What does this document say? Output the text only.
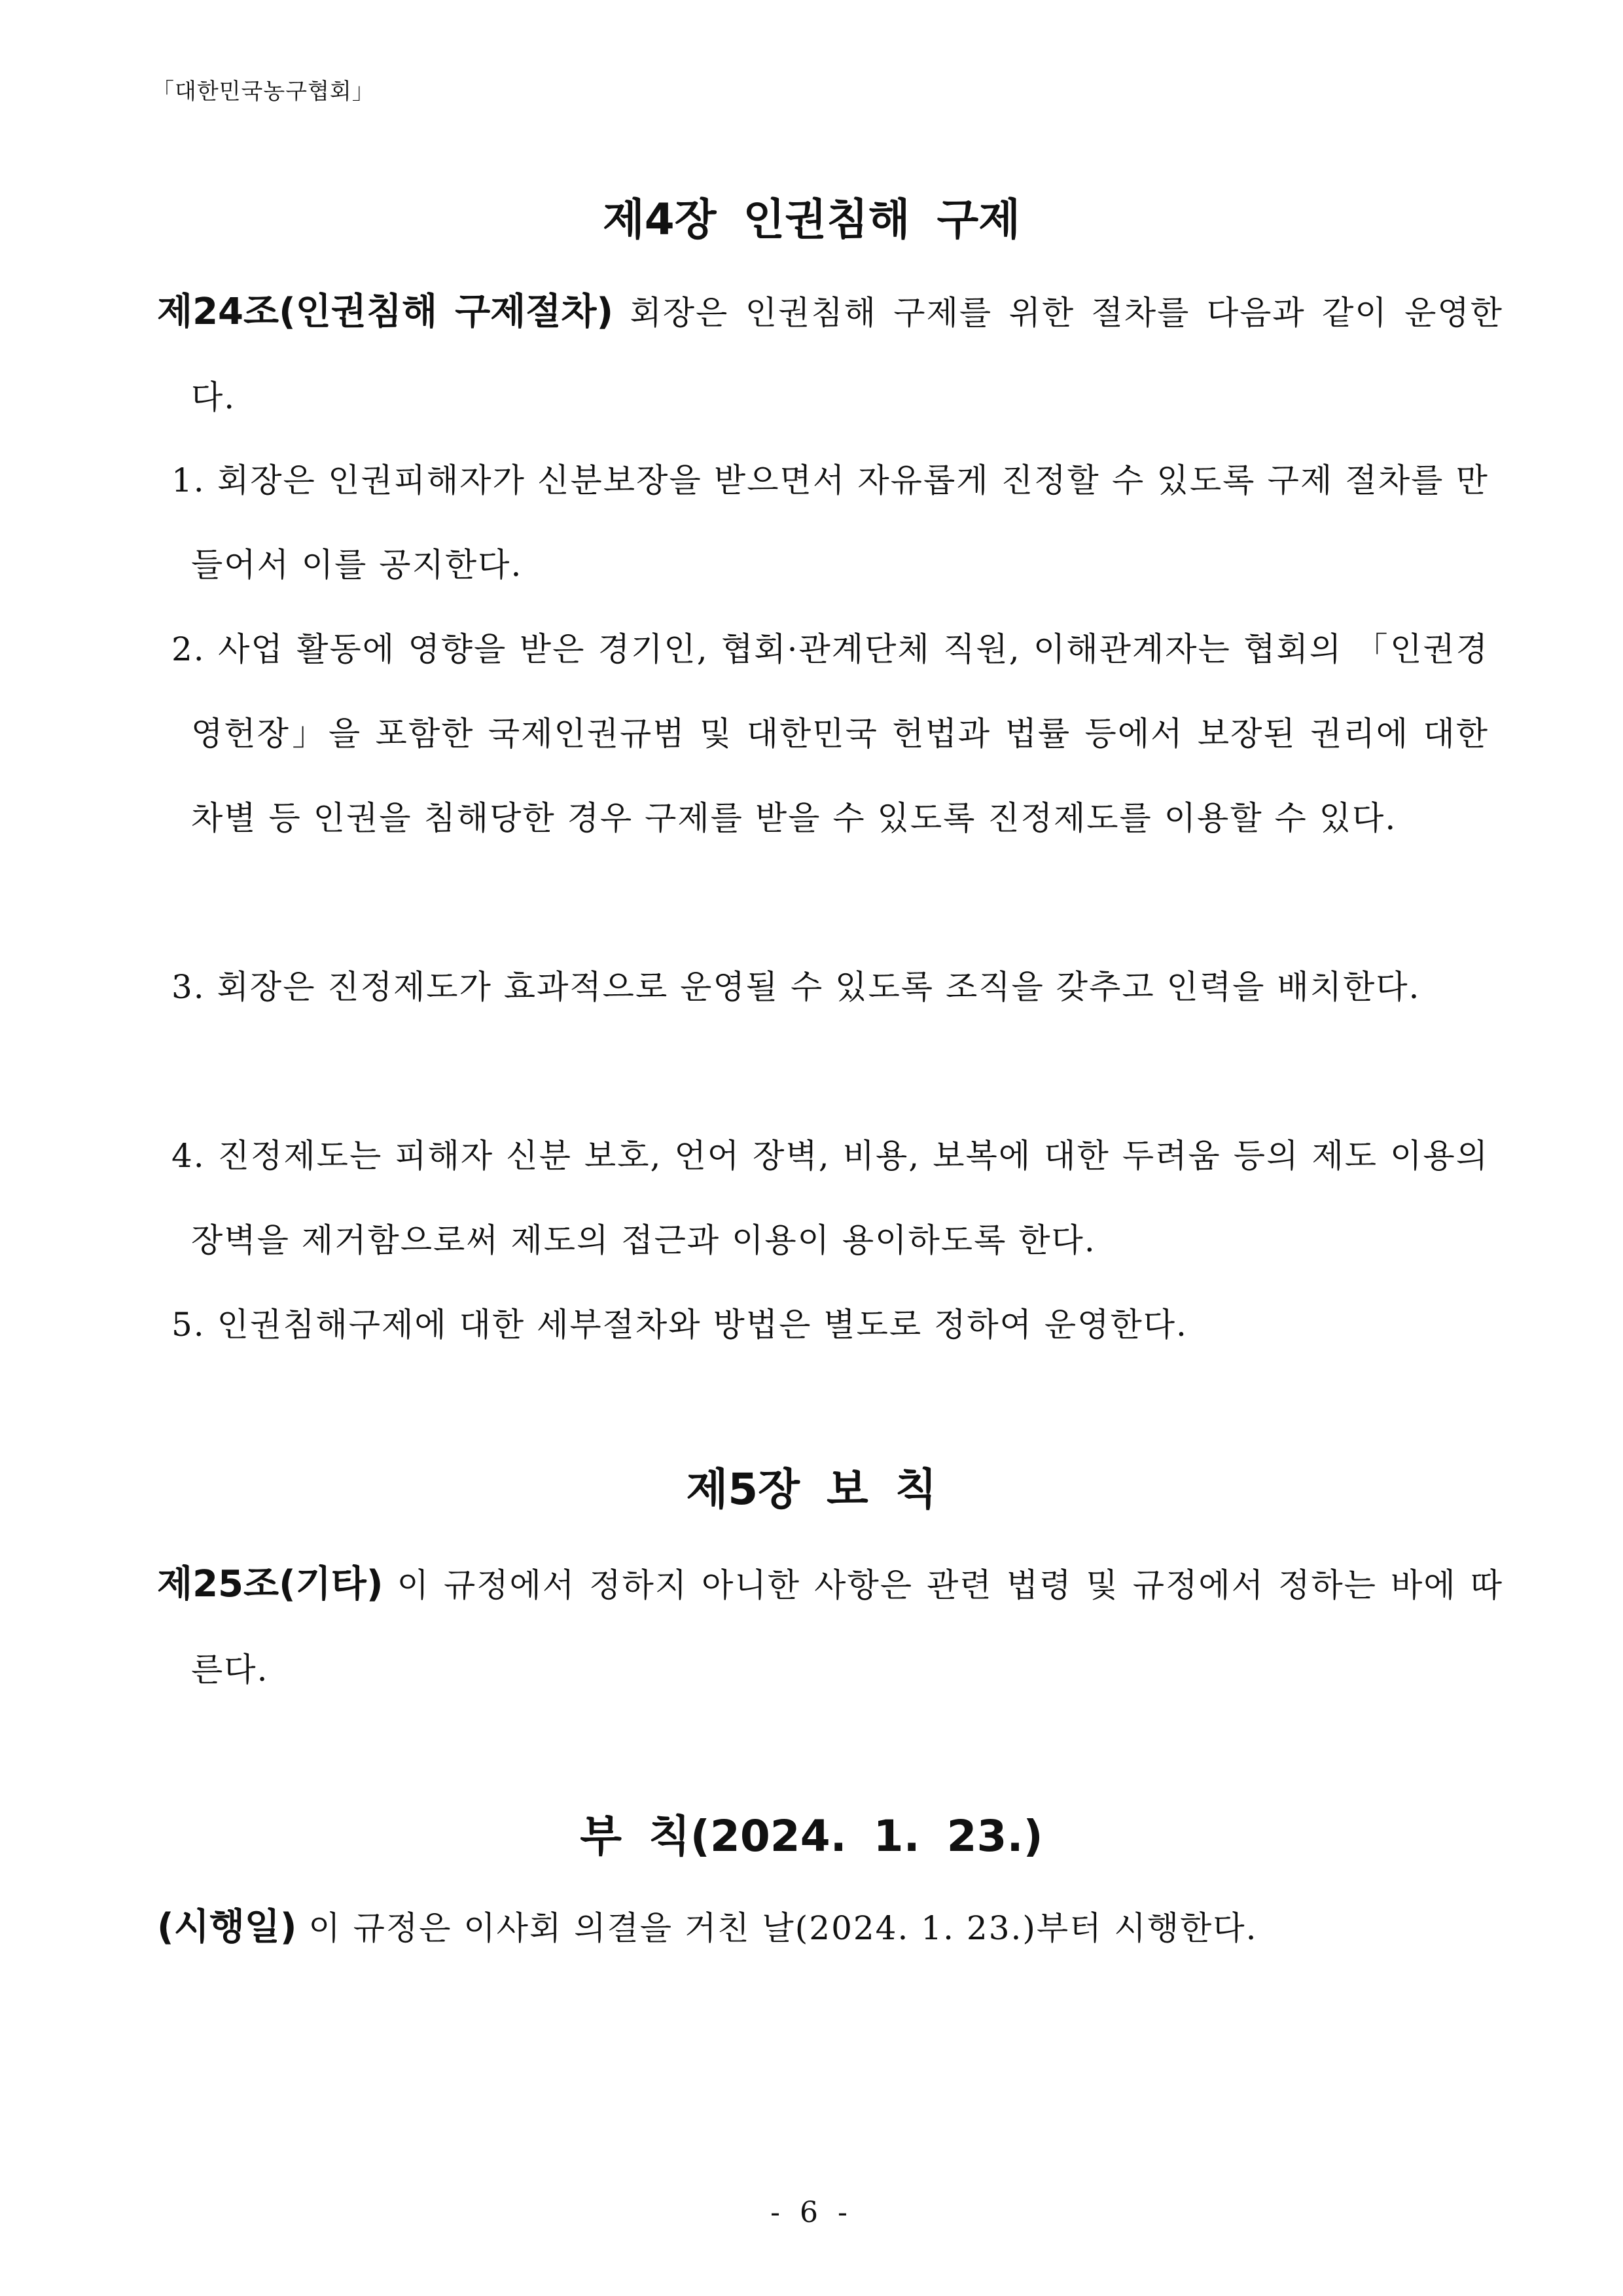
「대한민국농구협회」
제4장 인권침해 구제
제24조(인권침해 구제절차) 회장은 인권침해 구제를 위한 절차를 다음과 같이 운영한다.
1. 회장은 인권피해자가 신분보장을 받으면서 자유롭게 진정할 수 있도록 구제 절차를 만들어서 이를 공지한다.
2. 사업 활동에 영향을 받은 경기인, 협회·관계단체 직원, 이해관계자는 협회의 「인권경영헌장」을 포함한 국제인권규범 및 대한민국 헌법과 법률 등에서 보장된 권리에 대한 차별 등 인권을 침해당한 경우 구제를 받을 수 있도록 진정제도를 이용할 수 있다.
3. 회장은 진정제도가 효과적으로 운영될 수 있도록 조직을 갖추고 인력을 배치한다.
4. 진정제도는 피해자 신분 보호, 언어 장벽, 비용, 보복에 대한 두려움 등의 제도 이용의 장벽을 제거함으로써 제도의 접근과 이용이 용이하도록 한다.
5. 인권침해구제에 대한 세부절차와 방법은 별도로 정하여 운영한다.
제5장 보 칙
제25조(기타) 이 규정에서 정하지 아니한 사항은 관련 법령 및 규정에서 정하는 바에 따른다.
부 칙(2024. 1. 23.)
(시행일) 이 규정은 이사회 의결을 거친 날(2024. 1. 23.)부터 시행한다.
- 6 -
